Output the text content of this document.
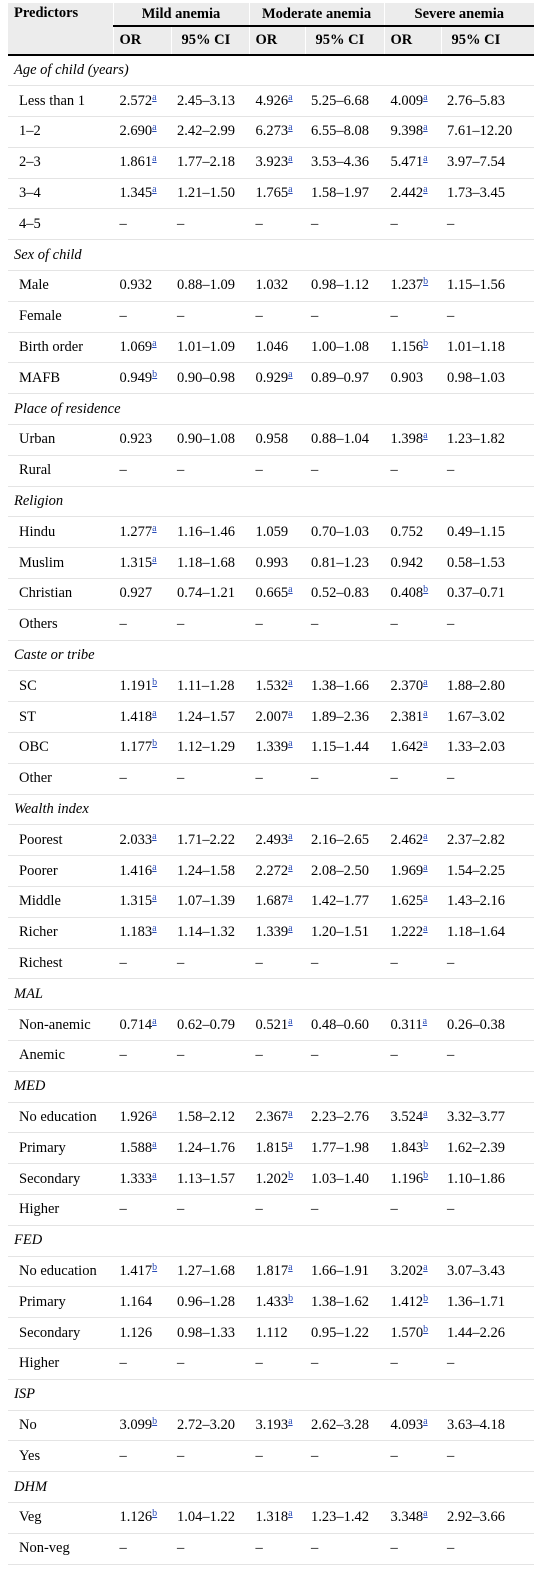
Predictors	Mild anemia		Moderate anemia		Severe anemia	
	OR	95% CI	OR	95% CI	OR	95% CI
Age of child (years)						
Less than 1	2.572$^a$	2.45–3.13	4.926$^a$	5.25–6.68	4.009$^a$	2.76–5.83
1–2	2.690$^a$	2.42–2.99	6.273$^a$	6.55–8.08	9.398$^a$	7.61–12.20
2–3	1.861$^a$	1.77–2.18	3.923$^a$	3.53–4.36	5.471$^a$	3.97–7.54
3–4	1.345$^a$	1.21–1.50	1.765$^a$	1.58–1.97	2.442$^a$	1.73–3.45
4–5	–	–	–	–	–	–
Sex of child						
Male	0.932	0.88–1.09	1.032	0.98–1.12	1.237$^b$	1.15–1.56
Female	–	–	–	–	–	–
Birth order	1.069$^a$	1.01–1.09	1.046	1.00–1.08	1.156$^b$	1.01–1.18
MAFB	0.949$^b$	0.90–0.98	0.929$^a$	0.89–0.97	0.903	0.98–1.03
Place of residence						
Urban	0.923	0.90–1.08	0.958	0.88–1.04	1.398$^a$	1.23–1.82
Rural	–	–	–	–	–	–
Religion						
Hindu	1.277$^a$	1.16–1.46	1.059	0.70–1.03	0.752	0.49–1.15
Muslim	1.315$^a$	1.18–1.68	0.993	0.81–1.23	0.942	0.58–1.53
Christian	0.927	0.74–1.21	0.665$^a$	0.52–0.83	0.408$^b$	0.37–0.71
Others	–	–	–	–	–	–
Caste or tribe						
SC	1.191$^b$	1.11–1.28	1.532$^a$	1.38–1.66	2.370$^a$	1.88–2.80
ST	1.418$^a$	1.24–1.57	2.007$^a$	1.89–2.36	2.381$^a$	1.67–3.02
OBC	1.177$^b$	1.12–1.29	1.339$^a$	1.15–1.44	1.642$^a$	1.33–2.03
Other	–	–	–	–	–	–
Wealth index						
Poorest	2.033$^a$	1.71–2.22	2.493$^a$	2.16–2.65	2.462$^a$	2.37–2.82
Poorer	1.416$^a$	1.24–1.58	2.272$^a$	2.08–2.50	1.969$^a$	1.54–2.25
Middle	1.315$^a$	1.07–1.39	1.687$^a$	1.42–1.77	1.625$^a$	1.43–2.16
Richer	1.183$^a$	1.14–1.32	1.339$^a$	1.20–1.51	1.222$^a$	1.18–1.64
Richest	–	–	–	–	–	–
MAL						
Non-anemic	0.714$^a$	0.62–0.79	0.521$^a$	0.48–0.60	0.311$^a$	0.26–0.38
Anemic	–	–	–	–	–	–
MED						
No education	1.926$^a$	1.58–2.12	2.367$^a$	2.23–2.76	3.524$^a$	3.32–3.77
Primary	1.588$^a$	1.24–1.76	1.815$^a$	1.77–1.98	1.843$^b$	1.62–2.39
Secondary	1.333$^a$	1.13–1.57	1.202$^b$	1.03–1.40	1.196$^b$	1.10–1.86
Higher	–	–	–	–	–	–
FED						
No education	1.417$^b$	1.27–1.68	1.817$^a$	1.66–1.91	3.202$^a$	3.07–3.43
Primary	1.164	0.96–1.28	1.433$^b$	1.38–1.62	1.412$^b$	1.36–1.71
Secondary	1.126	0.98–1.33	1.112	0.95–1.22	1.570$^b$	1.44–2.26
Higher	–	–	–	–	–	–
ISP						
No	3.099$^b$	2.72–3.20	3.193$^a$	2.62–3.28	4.093$^a$	3.63–4.18
Yes	–	–	–	–	–	–
DHM						
Veg	1.126$^b$	1.04–1.22	1.318$^a$	1.23–1.42	3.348$^a$	2.92–3.66
Non-veg	–	–	–	–	–	–
